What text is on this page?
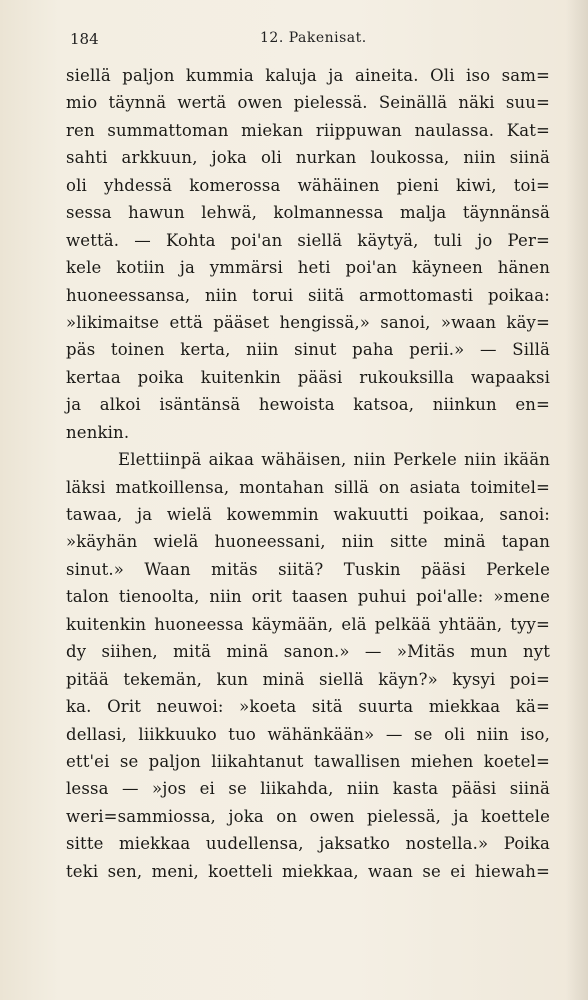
184	12. Pakenisat.
siellä paljon kummia kaluja ja aineita. Oli iso sam=
mio täynnä wertä owen pielessä. Seinällä näki suu=
ren summattoman miekan riippuwan naulassa. Kat=
sahti arkkuun, joka oli nurkan loukossa, niin siinä
oli yhdessä komerossa wähäinen pieni kiwi, toi=
sessa hawun lehwä, kolmannessa malja täynnänsä
wettä. — Kohta poi'an siellä käytyä, tuli jo Per=
kele kotiin ja ymmärsi heti poi'an käyneen hänen
huoneessansa, niin torui siitä armottomasti poikaa:
»likimaitse että pääset hengissä,» sanoi, »waan käy=
päs toinen kerta, niin sinut paha perii.» — Sillä
kertaa poika kuitenkin pääsi rukouksilla wapaaksi
ja alkoi isäntänsä hewoista katsoa, niinkun en=
nenkin.
Elettiinpä aikaa wähäisen, niin Perkele niin ikään
läksi matkoillensa, montahan sillä on asiata toimitel=
tawaa, ja wielä kowemmin wakuutti poikaa, sanoi:
»käyhän wielä huoneessani, niin sitte minä tapan
sinut.» Waan mitäs siitä? Tuskin pääsi Perkele
talon tienoolta, niin orit taasen puhui poi'alle: »mene
kuitenkin huoneessa käymään, elä pelkää yhtään, tyy=
dy siihen, mitä minä sanon.» — »Mitäs mun nyt
pitää tekemän, kun minä siellä käyn?» kysyi poi=
ka. Orit neuwoi: »koeta sitä suurta miekkaa kä=
dellasi, liikkuuko tuo wähänkään» — se oli niin iso,
ett'ei se paljon liikahtanut tawallisen miehen koetel=
lessa — »jos ei se liikahda, niin kasta pääsi siinä
weri=sammiossa, joka on owen pielessä, ja koettele
sitte miekkaa uudellensa, jaksatko nostella.» Poika
teki sen, meni, koetteli miekkaa, waan se ei hiewah=
